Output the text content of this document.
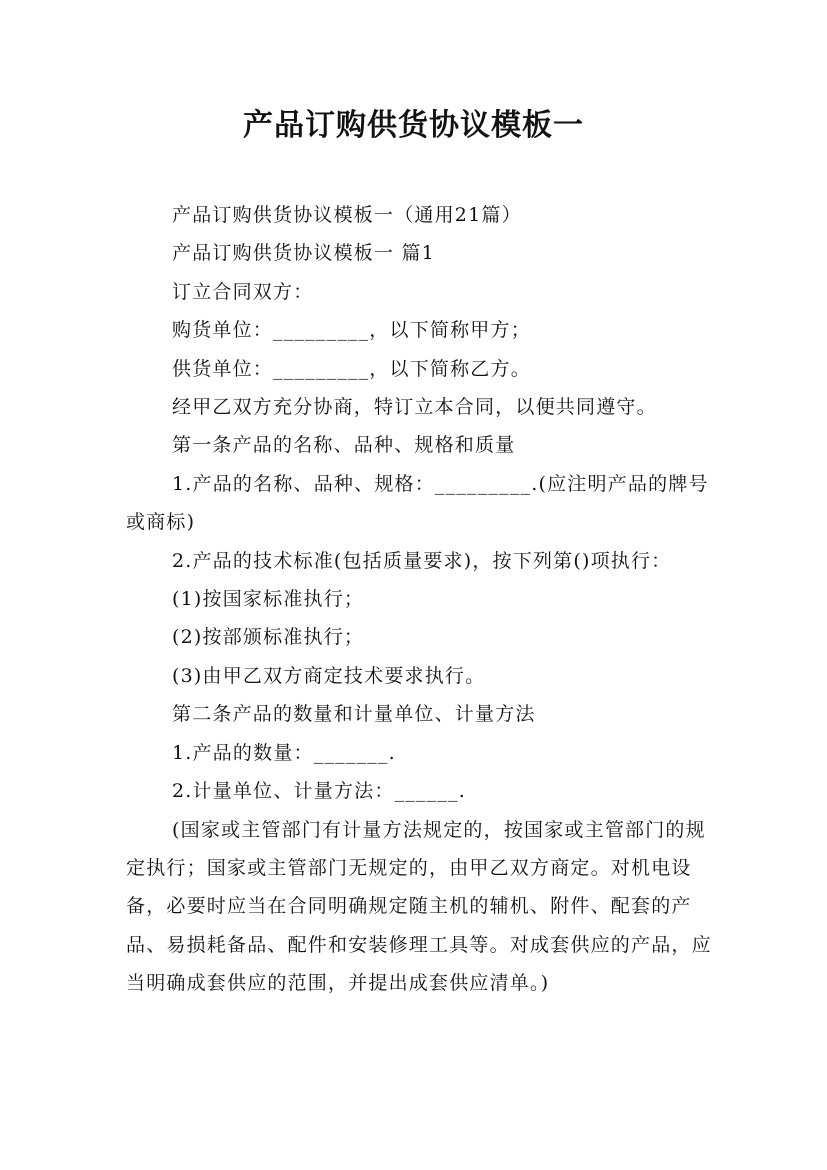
产品订购供货协议模板一

产品订购供货协议模板一（通用21篇）

产品订购供货协议模板一 篇1

订立合同双方：

购货单位：_________，以下简称甲方；

供货单位：_________，以下简称乙方。

经甲乙双方充分协商，特订立本合同，以便共同遵守。

第一条产品的名称、品种、规格和质量

1.产品的名称、品种、规格：_________.(应注明产品的牌号或商标)

2.产品的技术标准(包括质量要求)，按下列第()项执行：

(1)按国家标准执行；

(2)按部颁标准执行；

(3)由甲乙双方商定技术要求执行。

第二条产品的数量和计量单位、计量方法

1.产品的数量：_______.

2.计量单位、计量方法：______.

(国家或主管部门有计量方法规定的，按国家或主管部门的规定执行；国家或主管部门无规定的，由甲乙双方商定。对机电设备，必要时应当在合同明确规定随主机的辅机、附件、配套的产品、易损耗备品、配件和安装修理工具等。对成套供应的产品，应当明确成套供应的范围，并提出成套供应清单。)
